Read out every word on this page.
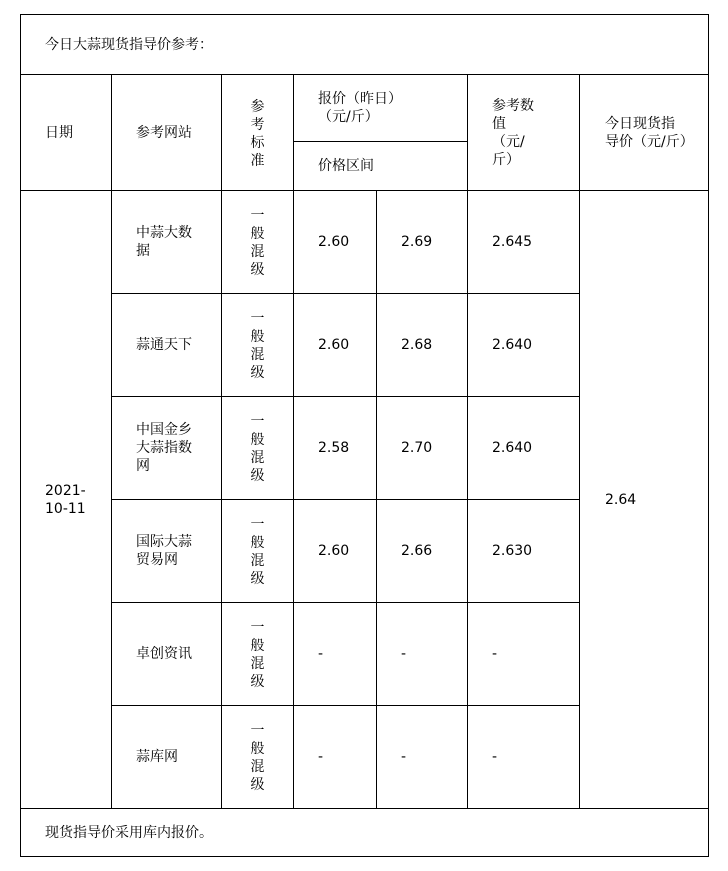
今日大蒜现货指导价参考：						
日期	参考网站	参
考
标
准	报价（昨日）（元/斤）		参考数值（元/斤）	今日现货指导价（元/斤）
			价格区间			
2021-10-11	中蒜大数据	一
般
混
级	2.60	2.69	2.645	2.64
	蒜通天下	一
般
混
级	2.60	2.68	2.640	
	中国金乡大蒜指数网	一
般
混
级	2.58	2.70	2.640	
	国际大蒜贸易网	一
般
混
级	2.60	2.66	2.630	
	卓创资讯	一
般
混
级	-	-	-	
	蒜库网	一
般
混
级	-	-	-	
现货指导价采用库内报价。						
